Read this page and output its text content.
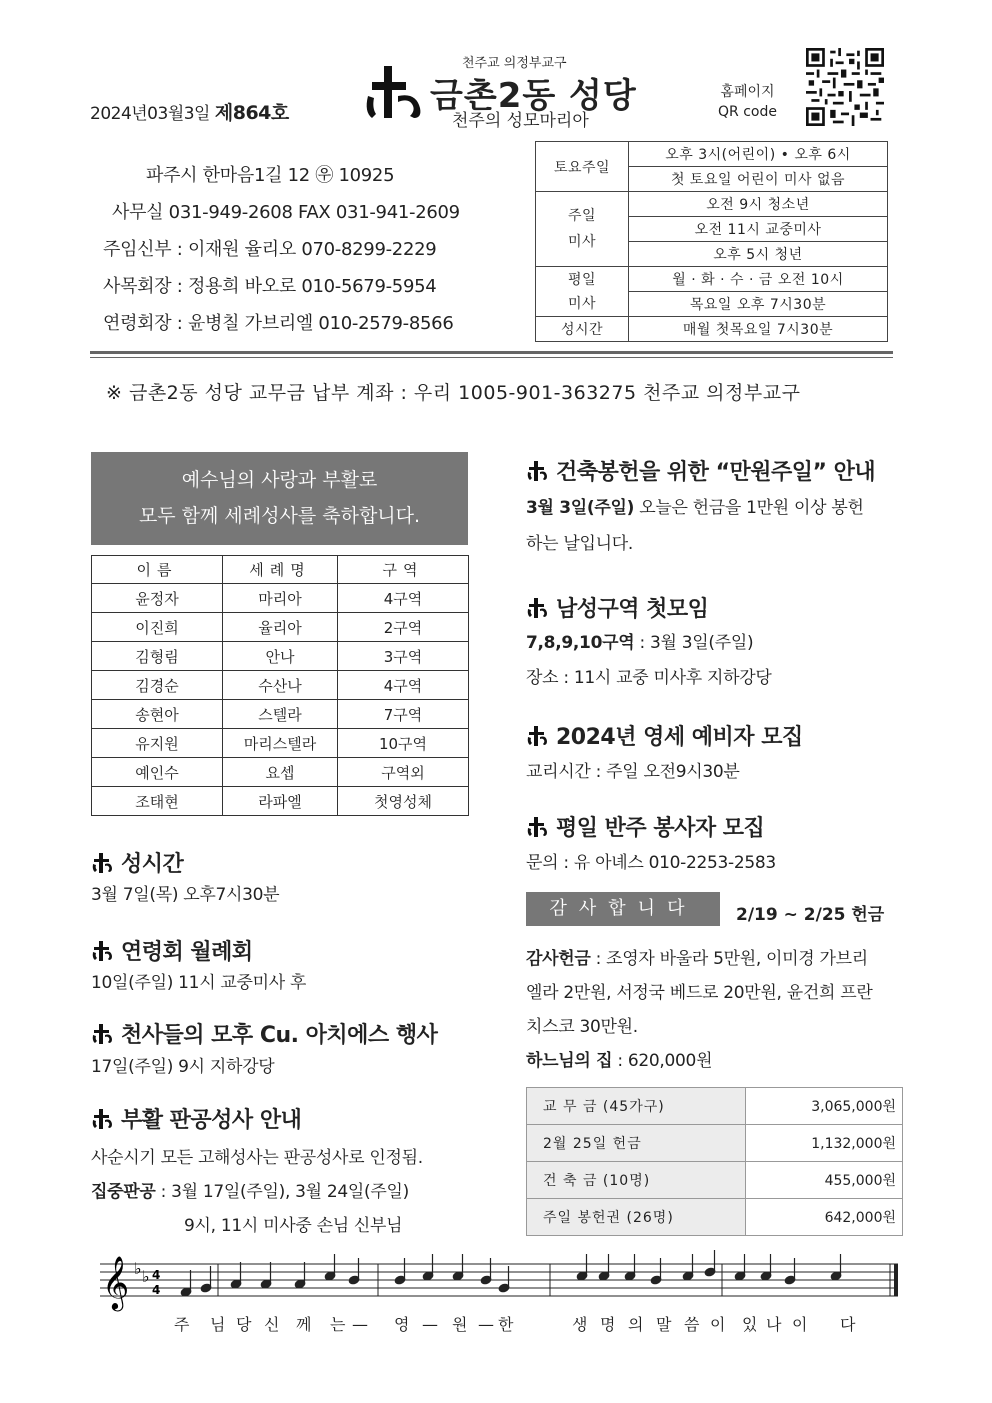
2024년03월3일 제864호
천주교 의정부교구
금촌2동 성당
천주의 성모마리아
홈페이지
QR code
파주시 한마음1길 12 ㉾ 10925
사무실 031-949-2608 FAX 031-941-2609
주임신부 : 이재원 율리오 070-8299-2229
사목회장 : 정용희 바오로 010-5679-5954
연령회장 : 윤병칠 가브리엘 010-2579-8566
토요주일	오후 3시(어린이) • 오후 6시
	첫 토요일 어린이 미사 없음

주일
미사	오전 9시 청소년
	오전 11시 교중미사
	오후 5시 청년

평일
미사	월 · 화 · 수 · 금 오전 10시
	목요일 오후 7시30분
성시간	매월 첫목요일 7시30분
※ 금촌2동 성당 교무금 납부 계좌 : 우리 1005-901-363275 천주교 의정부교구
예수님의 사랑과 부활로
모두 함께 세례성사를 축하합니다.
이름	세례명	구역
윤정자	마리아	4구역
이진희	율리아	2구역
김형림	안나	3구역
김경순	수산나	4구역
송현아	스텔라	7구역
유지원	마리스텔라	10구역
예인수	요셉	구역외
조태현	라파엘	첫영성체
성시간
3월 7일(목) 오후7시30분
연령회 월례회
10일(주일) 11시 교중미사 후
천사들의 모후 Cu. 아치에스 행사
17일(주일) 9시 지하강당
부활 판공성사 안내
사순시기 모든 고해성사는 판공성사로 인정됨.
집중판공 : 3월 17일(주일), 3월 24일(주일)
9시, 11시 미사중 손님 신부님
건축봉헌을 위한 “만원주일” 안내
3월 3일(주일) 오늘은 헌금을 1만원 이상 봉헌
하는 날입니다.
남성구역 첫모임
7,8,9,10구역 : 3월 3일(주일)
장소 : 11시 교중 미사후 지하강당
2024년 영세 예비자 모집
교리시간 : 주일 오전9시30분
평일 반주 봉사자 모집
문의 : 유 아녜스 010-2253-2583
감사합니다	2/19 ~ 2/25 헌금
감사헌금 : 조영자 바울라 5만원, 이미경 가브리
엘라 2만원, 서정국 베드로 20만원, 윤건희 프란
치스코 30만원.
하느님의 집 : 620,000원
교 무 금 (45가구)	3,065,000원
2월 25일 헌금	1,132,000원
건 축 금 (10명)	455,000원
주일 봉헌권 (26명)	642,000원
𝄞 ♭ ♭ 4
4
주 님 당 신 께 는 — 영 — 원 — 한	생 명 의 말 씀 이 있 나 이 다
